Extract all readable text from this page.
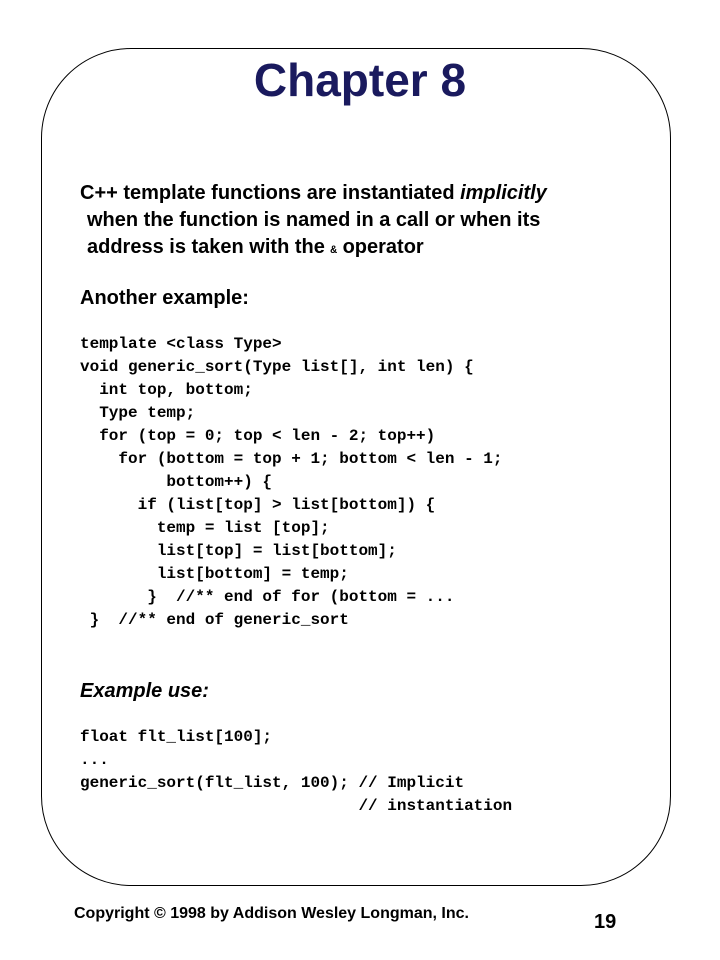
Chapter 8
C++ template functions are instantiated implicitly
when the function is named in a call or when its
address is taken with the & operator
Another example:
template <class Type>
void generic_sort(Type list[], int len) {
int top, bottom;
Type temp;
for (top = 0; top < len - 2; top++)
for (bottom = top + 1; bottom < len - 1;
bottom++) {
if (list[top] > list[bottom]) {
temp = list [top];
list[top] = list[bottom];
list[bottom] = temp;
}  //** end of for (bottom = ...
}  //** end of generic_sort
Example use:
float flt_list[100];
...
generic_sort(flt_list, 100); // Implicit
// instantiation
Copyright © 1998 by Addison Wesley Longman, Inc.	19
